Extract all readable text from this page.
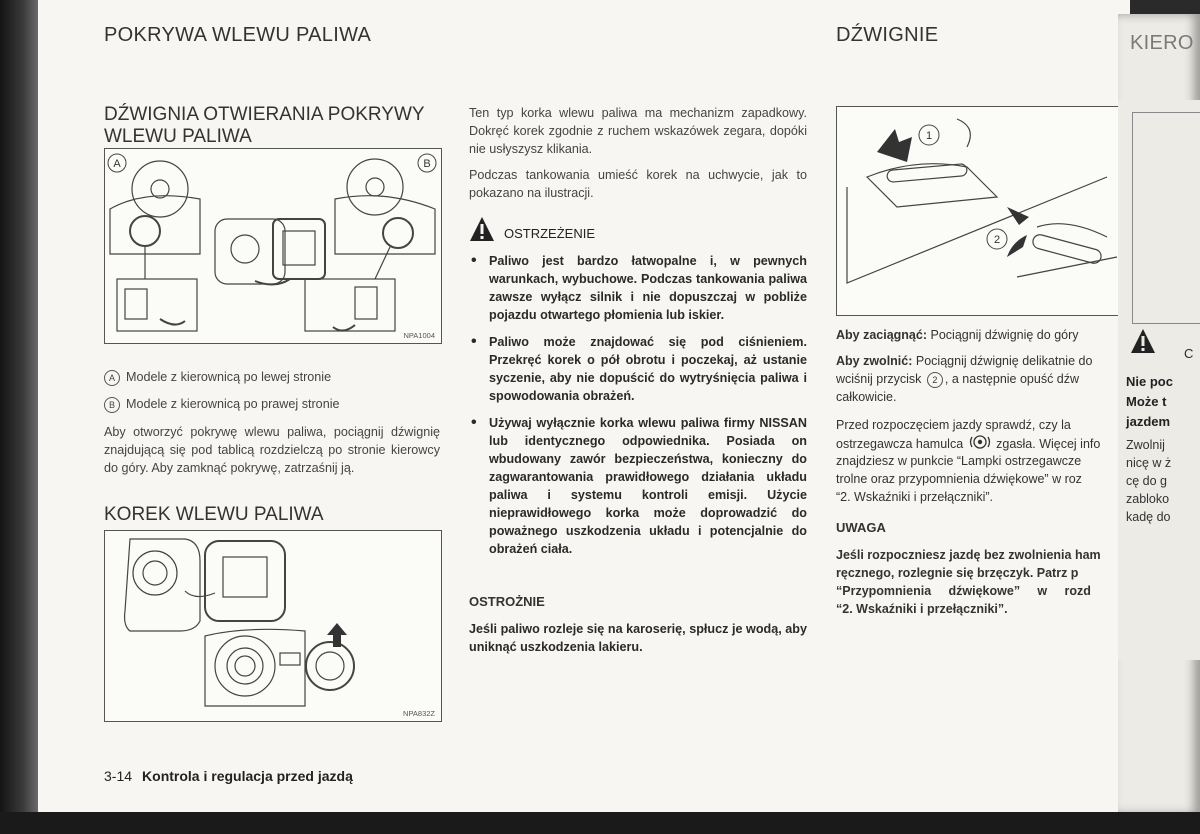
POKRYWA WLEWU PALIWA	DŹWIGNIE	KIERO
DŹWIGNIA OTWIERANIA POKRYWY
WLEWU PALIWA
A	B
NPA1004
A Modele z kierownicą po lewej stronie
B Modele z kierownicą po prawej stronie
Aby otworzyć pokrywę wlewu paliwa, pociągnij dźwignię znajdującą się pod tablicą rozdzielczą po stronie kierowcy do góry. Aby zamknąć pokrywę, zatrzaśnij ją.
KOREK WLEWU PALIWA
NPA832Z
Ten typ korka wlewu paliwa ma mechanizm zapadkowy. Dokręć korek zgodnie z ruchem wskazówek zegara, dopóki nie usłyszysz klikania.
Podczas tankowania umieść korek na uchwycie, jak to pokazano na ilustracji.
OSTRZEŻENIE
• Paliwo jest bardzo łatwopalne i, w pewnych warunkach, wybuchowe. Podczas tankowania paliwa zawsze wyłącz silnik i nie dopuszczaj w pobliże pojazdu otwartego płomienia lub iskier.
• Paliwo może znajdować się pod ciśnieniem. Przekręć korek o pół obrotu i poczekaj, aż ustanie syczenie, aby nie dopuścić do wytryśnięcia paliwa i spowodowania obrażeń.
• Używaj wyłącznie korka wlewu paliwa firmy NISSAN lub identycznego odpowiednika. Posiada on wbudowany zawór bezpieczeństwa, konieczny do zagwarantowania prawidłowego działania układu paliwa i systemu kontroli emisji. Użycie nieprawidłowego korka może doprowadzić do poważnego uszkodzenia układu i potencjalnie do obrażeń ciała.
OSTROŻNIE
Jeśli paliwo rozleje się na karoserię, spłucz je wodą, aby uniknąć uszkodzenia lakieru.
1
2
Aby zaciągnąć: Pociągnij dźwignię do góry
Aby zwolnić: Pociągnij dźwignię delikatnie do
wciśnij przycisk 2 , a następnie opuść dźw
całkowicie.
Przed rozpoczęciem jazdy sprawdź, czy la
ostrzegawcza hamulca	zgasła. Więcej info
znajdziesz w punkcie “Lampki ostrzegawcze
trolne oraz przypomnienia dźwiękowe” w roz
“2. Wskaźniki i przełączniki”.
UWAGA
Jeśli rozpoczniesz jazdę bez zwolnienia ham
ręcznego, rozlegnie się brzęczyk. Patrz p
“Przypomnienia     dźwiękowe”     w     rozd
“2. Wskaźniki i przełączniki”.
C
Nie poc
Może t
jazdem
Zwolnij
nicę w ż
cę do g
zabloko
kadę do
3-14 Kontrola i regulacja przed jazdą
